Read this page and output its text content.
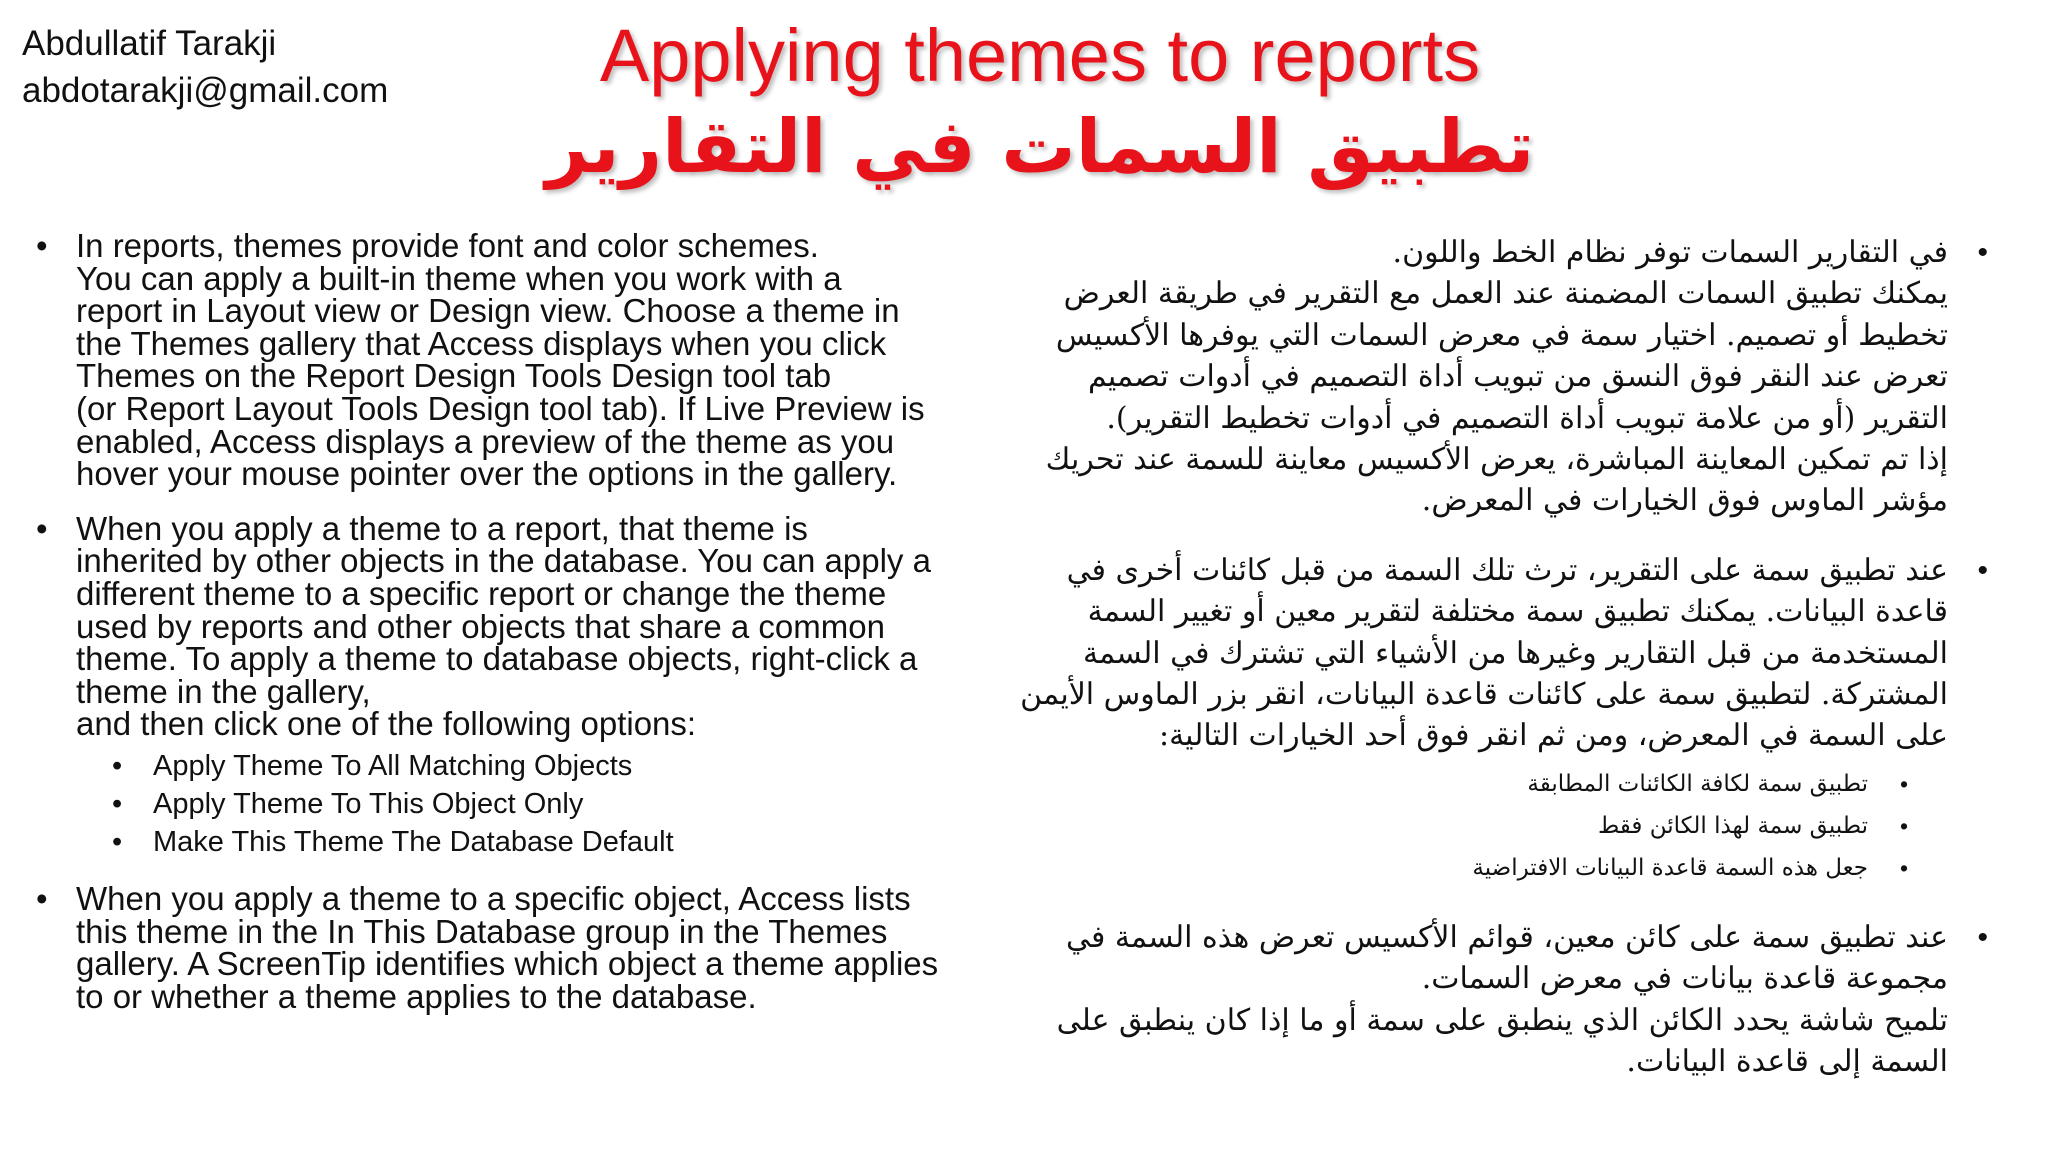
Abdullatif Tarakji
abdotarakji@gmail.com	Applying themes to reports
تطبيق السمات في التقارير
• In reports, themes provide font and color schemes.
You can apply a built-in theme when you work with a
report in Layout view or Design view. Choose a theme in
the Themes gallery that Access displays when you click
Themes on the Report Design Tools Design tool tab
(or Report Layout Tools Design tool tab). If Live Preview is
enabled, Access displays a preview of the theme as you
hover your mouse pointer over the options in the gallery.
• When you apply a theme to a report, that theme is
inherited by other objects in the database. You can apply a
different theme to a specific report or change the theme
used by reports and other objects that share a common
theme. To apply a theme to database objects, right-click a
theme in the gallery,
and then click one of the following options:
• Apply Theme To All Matching Objects
• Apply Theme To This Object Only
• Make This Theme The Database Default
• When you apply a theme to a specific object, Access lists
this theme in the In This Database group in the Themes
gallery. A ScreenTip identifies which object a theme applies
to or whether a theme applies to the database.
•
في التقارير السمات توفر نظام الخط واللون.
يمكنك تطبيق السمات المضمنة عند العمل مع التقرير في طريقة العرض
تخطيط أو تصميم. اختيار سمة في معرض السمات التي يوفرها الأكسيس
تعرض عند النقر فوق النسق من تبويب أداة التصميم في أدوات تصميم
التقرير (أو من علامة تبويب أداة التصميم في أدوات تخطيط التقرير).
إذا تم تمكين المعاينة المباشرة، يعرض الأكسيس معاينة للسمة عند تحريك
مؤشر الماوس فوق الخيارات في المعرض.
•
عند تطبيق سمة على التقرير، ترث تلك السمة من قبل كائنات أخرى في
قاعدة البيانات. يمكنك تطبيق سمة مختلفة لتقرير معين أو تغيير السمة
المستخدمة من قبل التقارير وغيرها من الأشياء التي تشترك في السمة
المشتركة. لتطبيق سمة على كائنات قاعدة البيانات، انقر بزر الماوس الأيمن
على السمة في المعرض، ومن ثم انقر فوق أحد الخيارات التالية:
•
تطبيق سمة لكافة الكائنات المطابقة
•
تطبيق سمة لهذا الكائن فقط
•
جعل هذه السمة قاعدة البيانات الافتراضية
•
عند تطبيق سمة على كائن معين، قوائم الأكسيس تعرض هذه السمة في
مجموعة قاعدة بيانات في معرض السمات.
تلميح شاشة يحدد الكائن الذي ينطبق على سمة أو ما إذا كان ينطبق على
السمة إلى قاعدة البيانات.
